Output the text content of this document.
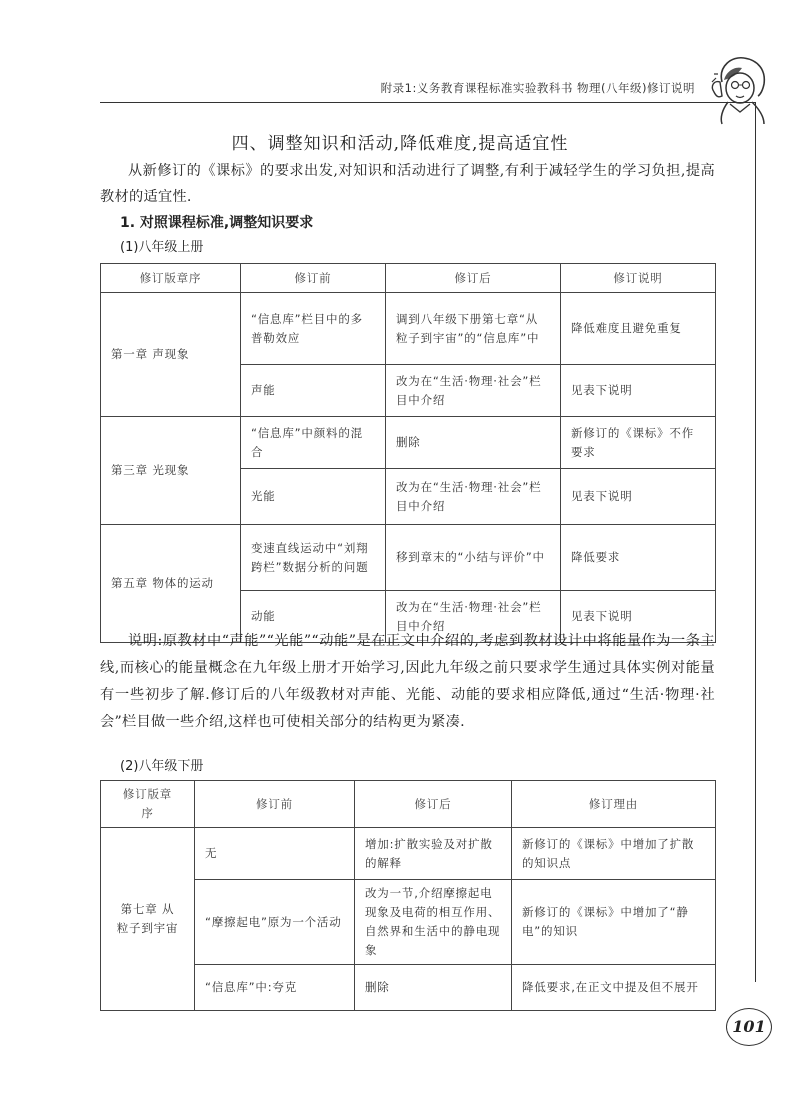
附录1:义务教育课程标准实验教科书 物理(八年级)修订说明
四、调整知识和活动,降低难度,提高适宜性
从新修订的《课标》的要求出发,对知识和活动进行了调整,有利于减轻学生的学习负担,提高教材的适宜性.
1. 对照课程标准,调整知识要求
(1)八年级上册
修订版章序	修订前	修订后	修订说明
第一章 声现象	“信息库”栏目中的多普勒效应	调到八年级下册第七章“从粒子到宇宙”的“信息库”中	降低难度且避免重复
	声能	改为在“生活·物理·社会”栏目中介绍	见表下说明
第三章 光现象	“信息库”中颜料的混合	删除	新修订的《课标》不作要求
	光能	改为在“生活·物理·社会”栏目中介绍	见表下说明
第五章 物体的运动	变速直线运动中“刘翔跨栏”数据分析的问题	移到章末的“小结与评价”中	降低要求
	动能	改为在“生活·物理·社会”栏目中介绍	见表下说明
说明:原教材中“声能”“光能”“动能”是在正文中介绍的,考虑到教材设计中将能量作为一条主线,而核心的能量概念在九年级上册才开始学习,因此九年级之前只要求学生通过具体实例对能量有一些初步了解.修订后的八年级教材对声能、光能、动能的要求相应降低,通过“生活·物理·社会”栏目做一些介绍,这样也可使相关部分的结构更为紧凑.
(2)八年级下册
修订版章序	修订前	修订后	修订理由
第七章 从粒子到宇宙	无	增加:扩散实验及对扩散的解释	新修订的《课标》中增加了扩散的知识点
	“摩擦起电”原为一个活动	改为一节,介绍摩擦起电现象及电荷的相互作用、自然界和生活中的静电现象	新修订的《课标》中增加了“静电”的知识
	“信息库”中:夸克	删除	降低要求,在正文中提及但不展开
101
